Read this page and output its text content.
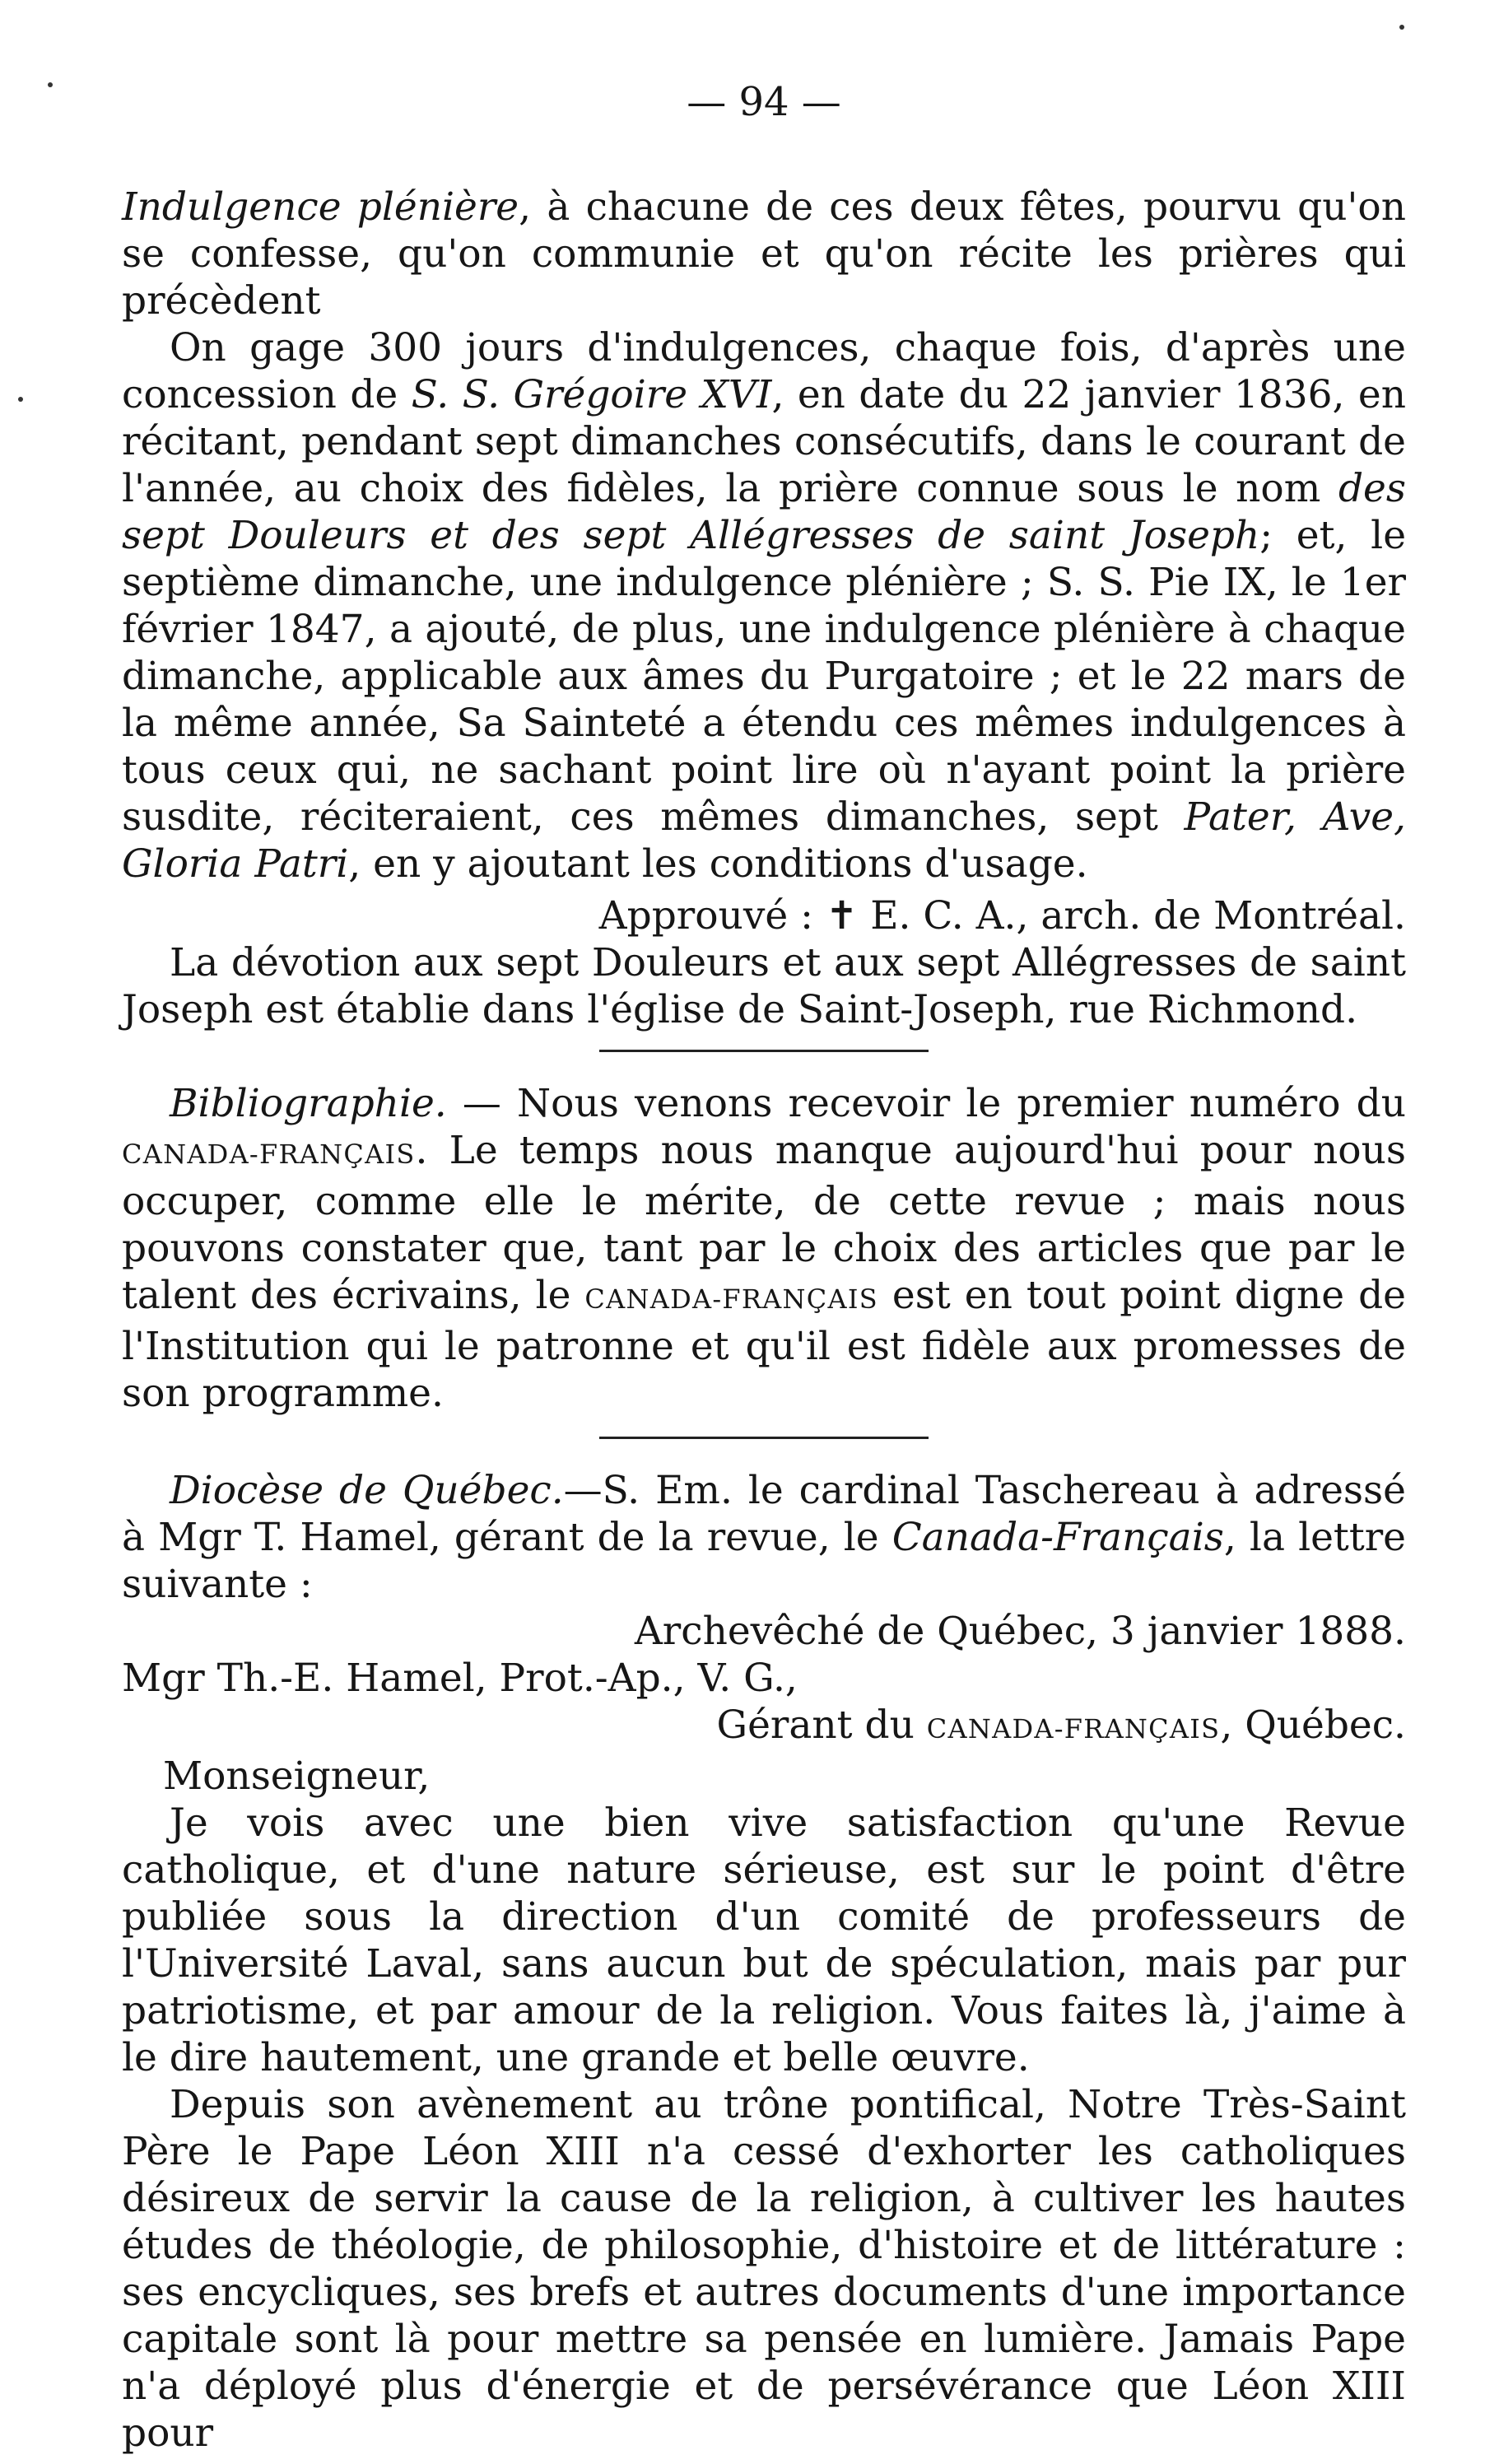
— 94 —

Indulgence plénière, à chacune de ces deux fêtes, pourvu qu'on se confesse, qu'on communie et qu'on récite les prières qui précèdent

On gage 300 jours d'indulgences, chaque fois, d'après une concession de S. S. Grégoire XVI, en date du 22 janvier 1836, en récitant, pendant sept dimanches consécutifs, dans le courant de l'année, au choix des fidèles, la prière connue sous le nom des sept Douleurs et des sept Allégresses de saint Joseph; et, le septième dimanche, une indulgence plénière ; S. S. Pie IX, le 1er février 1847, a ajouté, de plus, une indulgence plénière à chaque dimanche, applicable aux âmes du Purgatoire ; et le 22 mars de la même année, Sa Sainteté a étendu ces mêmes indulgences à tous ceux qui, ne sachant point lire où n'ayant point la prière susdite, réciteraient, ces mêmes dimanches, sept Pater, Ave, Gloria Patri, en y ajoutant les conditions d'usage.

Approuvé : ✝ E. C. A., arch. de Montréal.

La dévotion aux sept Douleurs et aux sept Allégresses de saint Joseph est établie dans l'église de Saint-Joseph, rue Richmond.

Bibliographie. — Nous venons recevoir le premier numéro du CANADA-FRANÇAIS. Le temps nous manque aujourd'hui pour nous occuper, comme elle le mérite, de cette revue ; mais nous pouvons constater que, tant par le choix des articles que par le talent des écrivains, le CANADA-FRANÇAIS est en tout point digne de l'Institution qui le patronne et qu'il est fidèle aux promesses de son programme.

Diocèse de Québec.—S. Em. le cardinal Taschereau à adressé à Mgr T. Hamel, gérant de la revue, le Canada-Français, la lettre suivante :

Archevêché de Québec, 3 janvier 1888.

Mgr Th.-E. Hamel, Prot.-Ap., V. G.,

Gérant du CANADA-FRANÇAIS, Québec.

Monseigneur,

Je vois avec une bien vive satisfaction qu'une Revue catholique, et d'une nature sérieuse, est sur le point d'être publiée sous la direction d'un comité de professeurs de l'Université Laval, sans aucun but de spéculation, mais par pur patriotisme, et par amour de la religion. Vous faites là, j'aime à le dire hautement, une grande et belle œuvre.

Depuis son avènement au trône pontifical, Notre Très-Saint Père le Pape Léon XIII n'a cessé d'exhorter les catholiques désireux de servir la cause de la religion, à cultiver les hautes études de théologie, de philosophie, d'histoire et de littérature : ses encycliques, ses brefs et autres documents d'une importance capitale sont là pour mettre sa pensée en lumière. Jamais Pape n'a déployé plus d'énergie et de persévérance que Léon XIII pour
